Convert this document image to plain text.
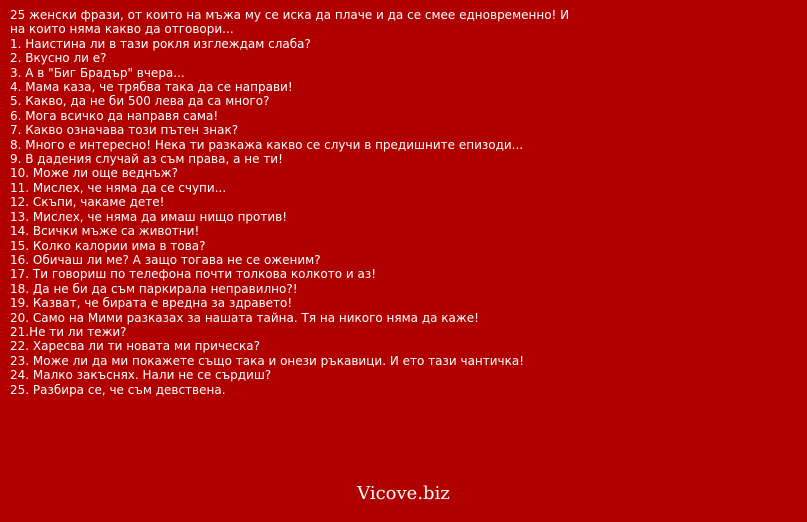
25 женски фрази, от които на мъжа му се иска да плаче и да се смее едновременно! И

на които няма какво да отговори...

1. Наистина ли в тази рокля изглеждам слаба?
2. Вкусно ли е?
3. А в "Биг Брадър" вчера...
4. Мама каза, че трябва така да се направи!
5. Какво, да не би 500 лева да са много?
6. Мога всичко да направя сама!
7. Какво означава този пътен знак?
8. Много е интересно! Нека ти разкажа какво се случи в предишните епизоди...
9. В дадения случай аз съм права, а не ти!
10. Може ли още веднъж?
11. Мислех, че няма да се счупи...
12. Скъпи, чакаме дете!
13. Мислех, че няма да имаш нищо против!
14. Всички мъже са животни!
15. Колко калории има в това?
16. Обичаш ли ме? А защо тогава не се оженим?
17. Ти говориш по телефона почти толкова колкото и аз!
18. Да не би да съм паркирала неправилно?!
19. Казват, че бирата е вредна за здравето!
20. Само на Мими разказах за нашата тайна. Тя на никого няма да каже!
21.Не ти ли тежи?
22. Харесва ли ти новата ми прическа?
23. Може ли да ми покажете също така и онези ръкавици. И ето тази чантичка!
24. Малко закъснях. Нали не се сърдиш?
25. Разбира се, че съм девствена.
Vicove.biz
